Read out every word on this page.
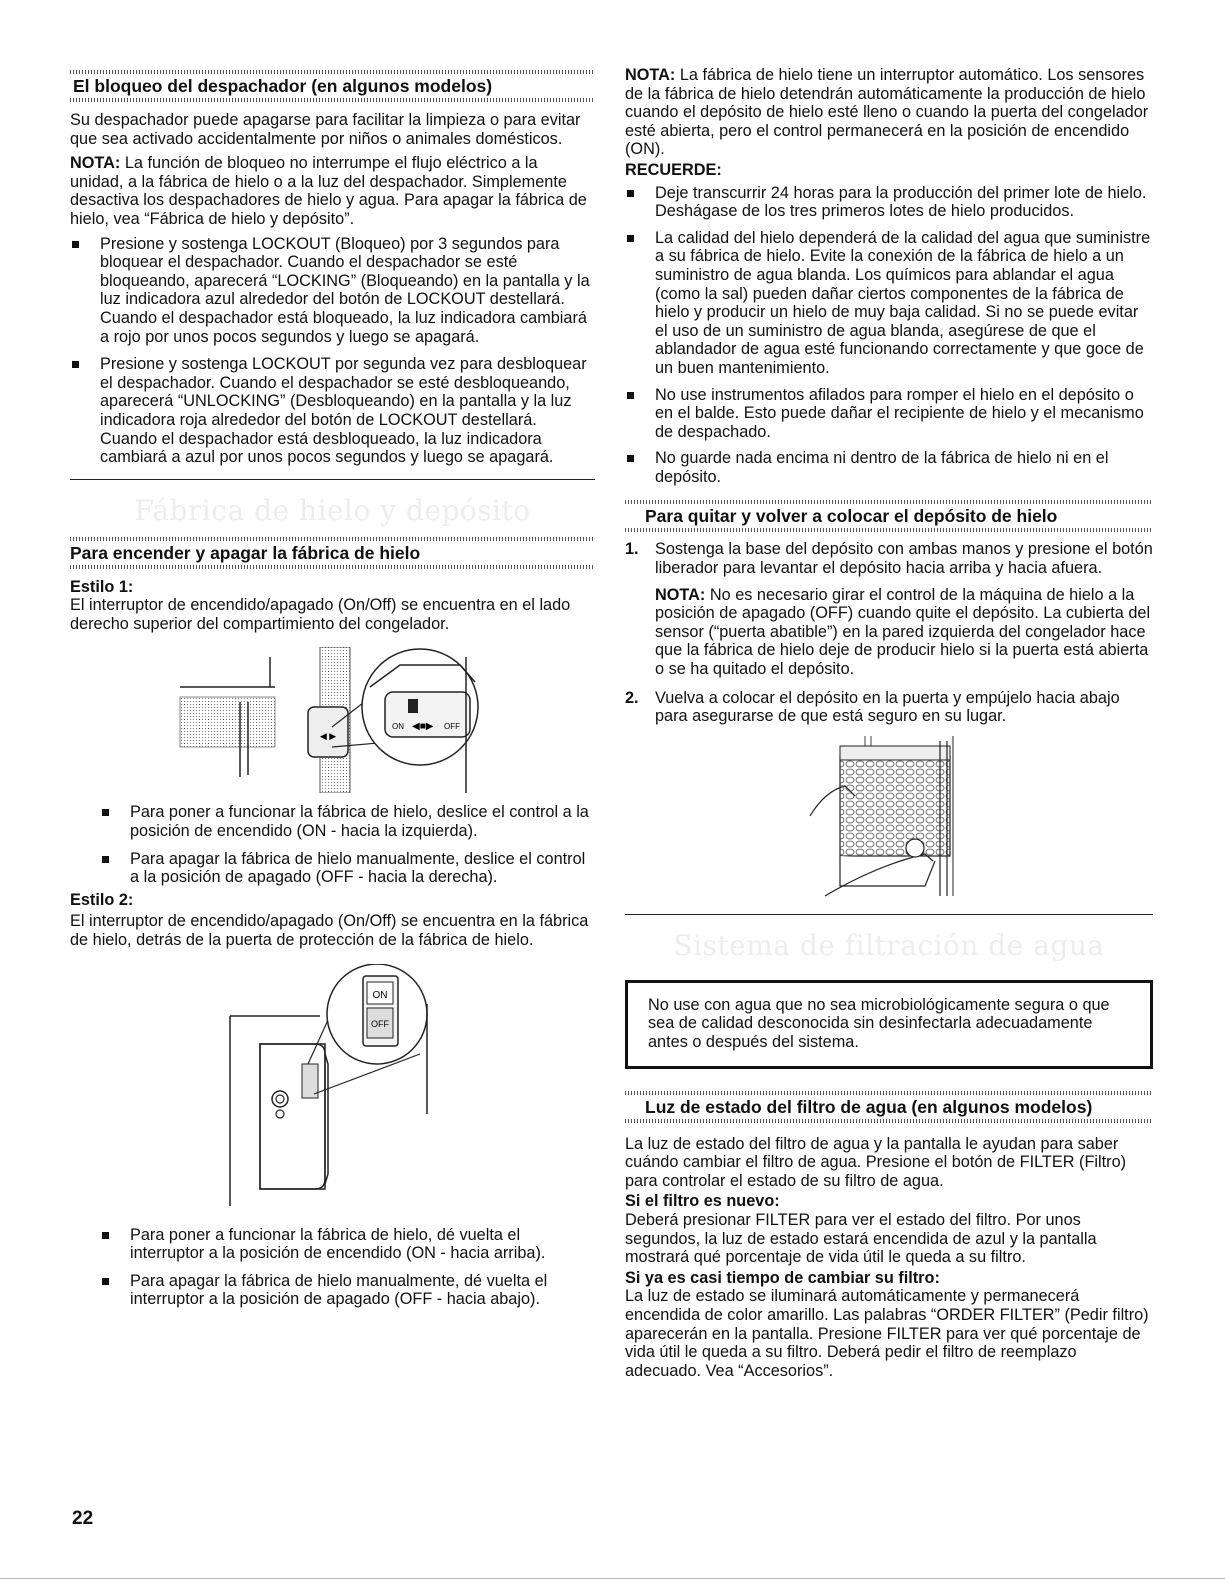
El bloqueo del despachador (en algunos modelos)

Su despachador puede apagarse para facilitar la limpieza o para evitar que sea activado accidentalmente por niños o animales domésticos.

NOTA: La función de bloqueo no interrumpe el flujo eléctrico a la unidad, a la fábrica de hielo o a la luz del despachador. Simplemente desactiva los despachadores de hielo y agua. Para apagar la fábrica de hielo, vea “Fábrica de hielo y depósito”.

Presione y sostenga LOCKOUT (Bloqueo) por 3 segundos para bloquear el despachador. Cuando el despachador se esté bloqueando, aparecerá “LOCKING” (Bloqueando) en la pantalla y la luz indicadora azul alrededor del botón de LOCKOUT destellará. Cuando el despachador está bloqueado, la luz indicadora cambiará a rojo por unos pocos segundos y luego se apagará.
Presione y sostenga LOCKOUT por segunda vez para desbloquear el despachador. Cuando el despachador se esté desbloqueando, aparecerá “UNLOCKING” (Desbloqueando) en la pantalla y la luz indicadora roja alrededor del botón de LOCKOUT destellará. Cuando el despachador está desbloqueado, la luz indicadora cambiará a azul por unos pocos segundos y luego se apagará.
Fábrica de hielo y depósito
Para encender y apagar la fábrica de hielo

Estilo 1:

El interruptor de encendido/apagado (On/Off) se encuentra en el lado derecho superior del compartimiento del congelador.

◀ ▶
ON ◀■▶ OFF
Para poner a funcionar la fábrica de hielo, deslice el control a la posición de encendido (ON - hacia la izquierda).
Para apagar la fábrica de hielo manualmente, deslice el control a la posición de apagado (OFF - hacia la derecha).

Estilo 2:

El interruptor de encendido/apagado (On/Off) se encuentra en la fábrica de hielo, detrás de la puerta de protección de la fábrica de hielo.

ON
OFF
Para poner a funcionar la fábrica de hielo, dé vuelta el interruptor a la posición de encendido (ON - hacia arriba).
Para apagar la fábrica de hielo manualmente, dé vuelta el interruptor a la posición de apagado (OFF - hacia abajo).

NOTA: La fábrica de hielo tiene un interruptor automático. Los sensores de la fábrica de hielo detendrán automáticamente la producción de hielo cuando el depósito de hielo esté lleno o cuando la puerta del congelador esté abierta, pero el control permanecerá en la posición de encendido (ON).

RECUERDE:

Deje transcurrir 24 horas para la producción del primer lote de hielo. Deshágase de los tres primeros lotes de hielo producidos.
La calidad del hielo dependerá de la calidad del agua que suministre a su fábrica de hielo. Evite la conexión de la fábrica de hielo a un suministro de agua blanda. Los químicos para ablandar el agua (como la sal) pueden dañar ciertos componentes de la fábrica de hielo y producir un hielo de muy baja calidad. Si no se puede evitar el uso de un suministro de agua blanda, asegúrese de que el ablandador de agua esté funcionando correctamente y que goce de un buen mantenimiento.
No use instrumentos afilados para romper el hielo en el depósito o en el balde. Esto puede dañar el recipiente de hielo y el mecanismo de despachado.
No guarde nada encima ni dentro de la fábrica de hielo ni en el depósito.
Para quitar y volver a colocar el depósito de hielo
1. Sostenga la base del depósito con ambas manos y presione el botón liberador para levantar el depósito hacia arriba y hacia afuera.

NOTA: No es necesario girar el control de la máquina de hielo a la posición de apagado (OFF) cuando quite el depósito. La cubierta del sensor (“puerta abatible”) en la pared izquierda del congelador hace que la fábrica de hielo deje de producir hielo si la puerta está abierta o se ha quitado el depósito.

2. Vuelva a colocar el depósito en la puerta y empújelo hacia abajo para asegurarse de que está seguro en su lugar.
Sistema de filtración de agua

No use con agua que no sea microbiológicamente segura o que sea de calidad desconocida sin desinfectarla adecuadamente antes o después del sistema.

Luz de estado del filtro de agua (en algunos modelos)

La luz de estado del filtro de agua y la pantalla le ayudan para saber cuándo cambiar el filtro de agua. Presione el botón de FILTER (Filtro) para controlar el estado de su filtro de agua.

Si el filtro es nuevo:

Deberá presionar FILTER para ver el estado del filtro. Por unos segundos, la luz de estado estará encendida de azul y la pantalla mostrará qué porcentaje de vida útil le queda a su filtro.

Si ya es casi tiempo de cambiar su filtro:

La luz de estado se iluminará automáticamente y permanecerá encendida de color amarillo. Las palabras “ORDER FILTER” (Pedir filtro) aparecerán en la pantalla. Presione FILTER para ver qué porcentaje de vida útil le queda a su filtro. Deberá pedir el filtro de reemplazo adecuado. Vea “Accesorios”.

22
